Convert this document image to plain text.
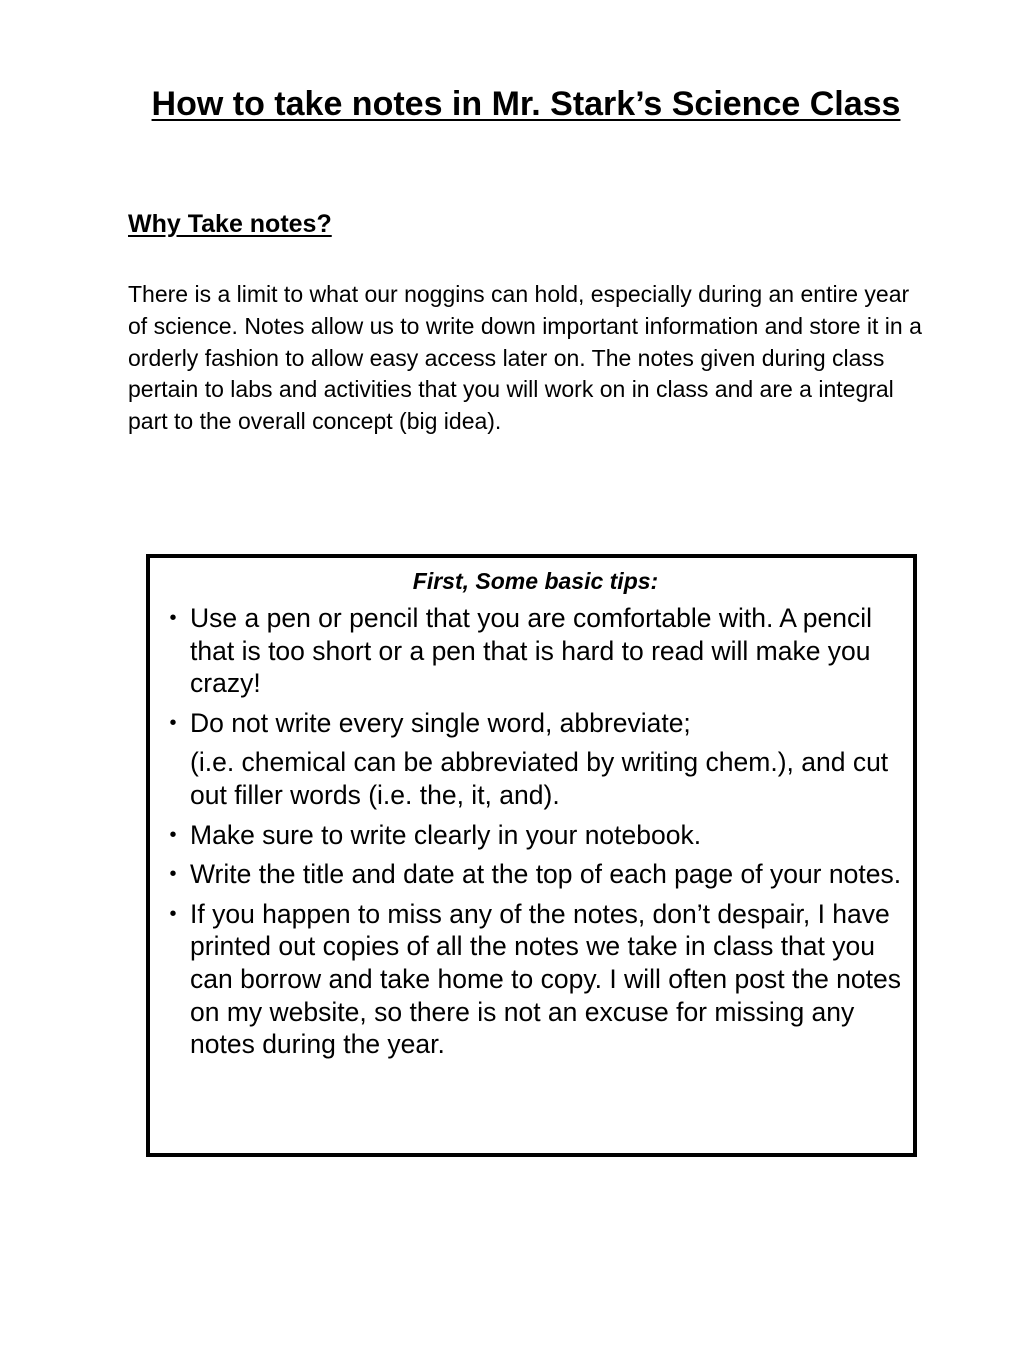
How to take notes in Mr. Stark’s Science Class
Why Take notes?

There is a limit to what our noggins can hold, especially during an entire year of science. Notes allow us to write down important information and store it in a orderly fashion to allow easy access later on. The notes given during class pertain to labs and activities that you will work on in class and are a integral part to the overall concept (big idea).

First, Some basic tips:
• Use a pen or pencil that you are comfortable with. A pencil that is too short or a pen that is hard to read will make you crazy!
• Do not write every single word, abbreviate;
(i.e. chemical can be abbreviated by writing chem.), and cut out filler words (i.e. the, it, and).
• Make sure to write clearly in your notebook.
• Write the title and date at the top of each page of your notes.
• If you happen to miss any of the notes, don’t despair, I have printed out copies of all the notes we take in class that you can borrow and take home to copy. I will often post the notes on my website, so there is not an excuse for missing any notes during the year.
